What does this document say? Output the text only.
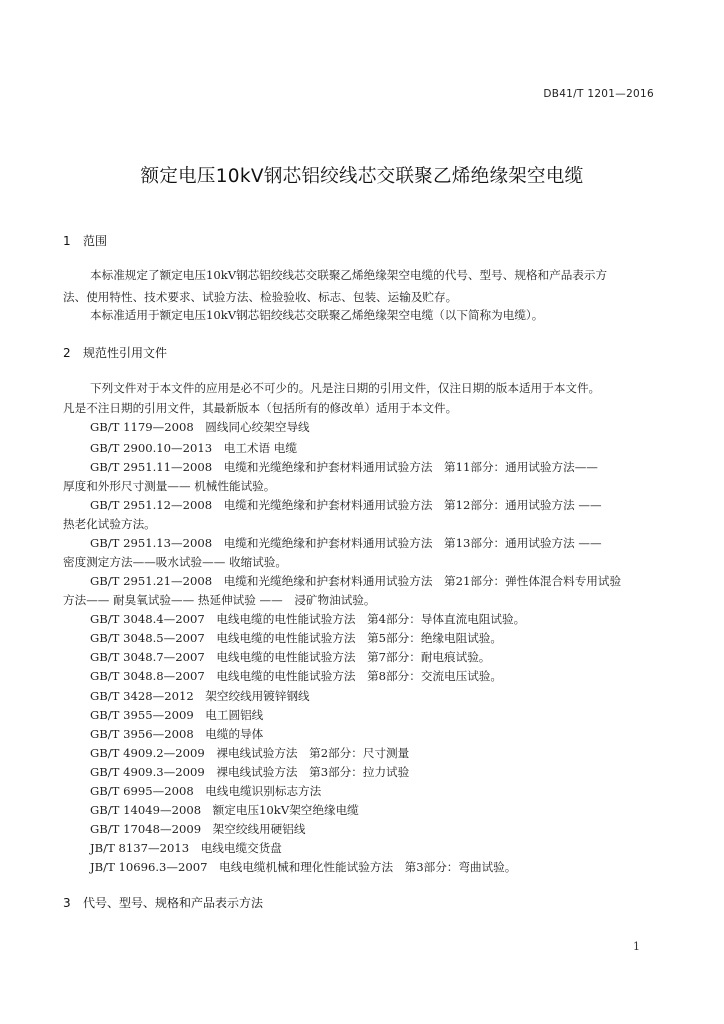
DB41/T 1201—2016
额定电压10kV钢芯铝绞线芯交联聚乙烯绝缘架空电缆
1 范围
本标准规定了额定电压10kV钢芯铝绞线芯交联聚乙烯绝缘架空电缆的代号、型号、规格和产品表示方
法、使用特性、技术要求、试验方法、检验验收、标志、包装、运输及贮存。
本标准适用于额定电压10kV钢芯铝绞线芯交联聚乙烯绝缘架空电缆（以下简称为电缆）。
2 规范性引用文件
下列文件对于本文件的应用是必不可少的。凡是注日期的引用文件，仅注日期的版本适用于本文件。
凡是不注日期的引用文件，其最新版本（包括所有的修改单）适用于本文件。
GB/T 1179—2008　圆线同心绞架空导线
GB/T 2900.10—2013　电工术语 电缆
GB/T 2951.11—2008　电缆和光缆绝缘和护套材料通用试验方法　第11部分：通用试验方法——
厚度和外形尺寸测量—— 机械性能试验。
GB/T 2951.12—2008　电缆和光缆绝缘和护套材料通用试验方法　第12部分：通用试验方法 ——
热老化试验方法。
GB/T 2951.13—2008　电缆和光缆绝缘和护套材料通用试验方法　第13部分：通用试验方法 ——
密度测定方法——吸水试验—— 收缩试验。
GB/T 2951.21—2008　电缆和光缆绝缘和护套材料通用试验方法　第21部分：弹性体混合料专用试验
方法—— 耐臭氧试验—— 热延伸试验 ——　浸矿物油试验。
GB/T 3048.4—2007　电线电缆的电性能试验方法　第4部分：导体直流电阻试验。
GB/T 3048.5—2007　电线电缆的电性能试验方法　第5部分：绝缘电阻试验。
GB/T 3048.7—2007　电线电缆的电性能试验方法　第7部分：耐电痕试验。
GB/T 3048.8—2007　电线电缆的电性能试验方法　第8部分：交流电压试验。
GB/T 3428—2012　架空绞线用镀锌钢线
GB/T 3955—2009　电工圆铝线
GB/T 3956—2008　电缆的导体
GB/T 4909.2—2009　裸电线试验方法　第2部分：尺寸测量
GB/T 4909.3—2009　裸电线试验方法　第3部分：拉力试验
GB/T 6995—2008　电线电缆识别标志方法
GB/T 14049—2008　额定电压10kV架空绝缘电缆
GB/T 17048—2009　架空绞线用硬铝线
JB/T 8137—2013　电线电缆交货盘
JB/T 10696.3—2007　电线电缆机械和理化性能试验方法　第3部分：弯曲试验。
3 代号、型号、规格和产品表示方法
1
